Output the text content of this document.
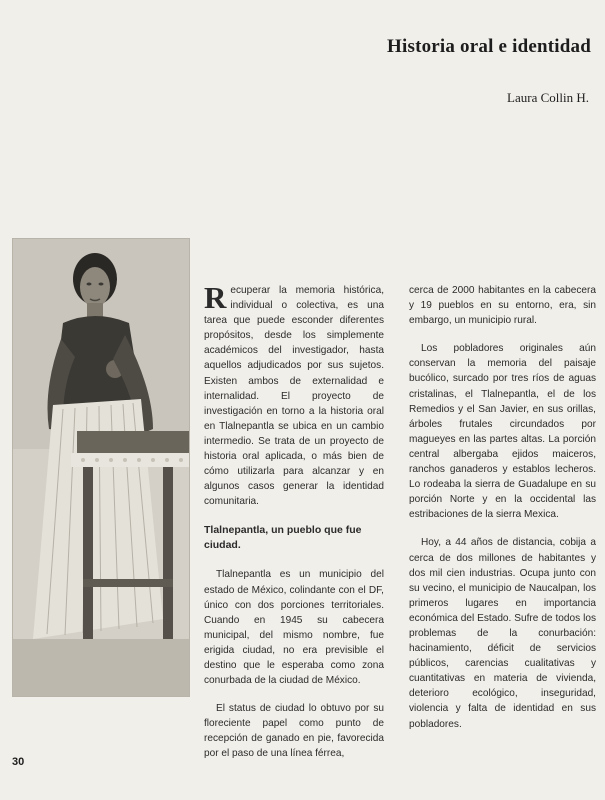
Historia oral e identidad
Laura Collin H.

Recuperar la memoria histórica, individual o colectiva, es una tarea que puede esconder diferentes propósitos, desde los simplemente académicos del investigador, hasta aquellos adjudicados por sus sujetos. Existen ambos de externalidad e internalidad. El proyecto de investigación en torno a la historia oral en Tlalnepantla se ubica en un cambio intermedio. Se trata de un proyecto de historia oral aplicada, o más bien de cómo utilizarla para alcanzar y en algunos casos generar la identidad comunitaria.

Tlalnepantla, un pueblo que fue ciudad.

Tlalnepantla es un municipio del estado de México, colindante con el DF, único con dos porciones territoriales. Cuando en 1945 su cabecera municipal, del mismo nombre, fue erigida ciudad, no era previsible el destino que le esperaba como zona conurbada de la ciudad de México.

El status de ciudad lo obtuvo por su floreciente papel como punto de recepción de ganado en pie, favorecida por el paso de una línea férrea,

cerca de 2000 habitantes en la cabecera y 19 pueblos en su entorno, era, sin embargo, un municipio rural.

Los pobladores originales aún conservan la memoria del paisaje bucólico, surcado por tres ríos de aguas cristalinas, el Tlalnepantla, el de los Remedios y el San Javier, en sus orillas, árboles frutales circundados por magueyes en las partes altas. La porción central albergaba ejidos maiceros, ranchos ganaderos y establos lecheros. Lo rodeaba la sierra de Guadalupe en su porción Norte y en la occidental las estribaciones de la sierra Mexica.

Hoy, a 44 años de distancia, cobija a cerca de dos millones de habitantes y dos mil cien industrias. Ocupa junto con su vecino, el municipio de Naucalpan, los primeros lugares en importancia económica del Estado. Sufre de todos los problemas de la conurbación: hacinamiento, déficit de servicios públicos, carencias cualitativas y cuantitativas en materia de vivienda, deterioro ecológico, inseguridad, violencia y falta de identidad en sus pobladores.

30
